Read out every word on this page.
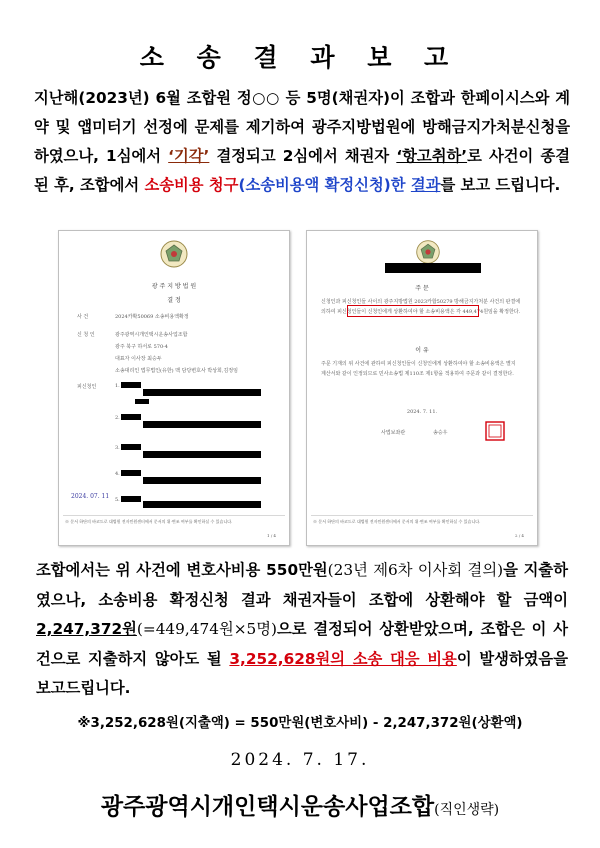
소 송 결 과 보 고
지난해(2023년) 6월 조합원 정○○ 등 5명(채권자)이 조합과 한페이시스와 계약 및 앱미터기 선정에 문제를 제기하여 광주지방법원에 방해금지가처분신청을 하였으나, 1심에서 ‘기각’ 결정되고 2심에서 채권자 ‘항고취하’로 사건이 종결된 후, 조합에서 소송비용 청구(소송비용액 확정신청)한 결과를 보고 드립니다.
광 주 지 방 법 원
결 정
사 건	2024카확50069 소송비용액확정
신 청 인	광주광역시개인택시운송사업조합
광주 북구 하서로 570-4
대표자 이사장 최승두
소송대리인 법무법인(유한) 맥 담당변호사 박상희,김정임
피신청인	1.
2.
3.
4.
5.
2024. 07. 11
※ 문서 하단의 바코드로 대법원 전자민원센터에서 문서의 위·변조 여부를 확인하실 수 있습니다.
1 / 4
주 문
신청인과 피신청인들 사이의 광주지방법원 2023카합50279 방해금지가처분 사건의 판결에 의하여 피신청인들이 신청인에게 상환하여야 할 소송비용액은 각 449,474원임을 확정한다.
이 유
주문 기재의 위 사건에 관하여 피신청인들이 신청인에게 상환하여야 할 소송비용액은 별지 계산서와 같이 인정되므로 민사소송법 제110조 제1항을 적용하여 주문과 같이 결정한다.
2024. 7. 11.
사법보좌관	송승우
※ 문서 하단의 바코드로 대법원 전자민원센터에서 문서의 위·변조 여부를 확인하실 수 있습니다.
2 / 4
조합에서는 위 사건에 변호사비용 550만원(23년 제6차 이사회 결의)을 지출하였으나, 소송비용 확정신청 결과 채권자들이 조합에 상환해야 할 금액이 2,247,372원(=449,474원×5명)으로 결정되어 상환받았으며, 조합은 이 사건으로 지출하지 않아도 될 3,252,628원의 소송 대응 비용이 발생하였음을 보고드립니다.
※3,252,628원(지출액) = 550만원(변호사비) - 2,247,372원(상환액)
2024. 7. 17.
광주광역시개인택시운송사업조합(직인생략)
